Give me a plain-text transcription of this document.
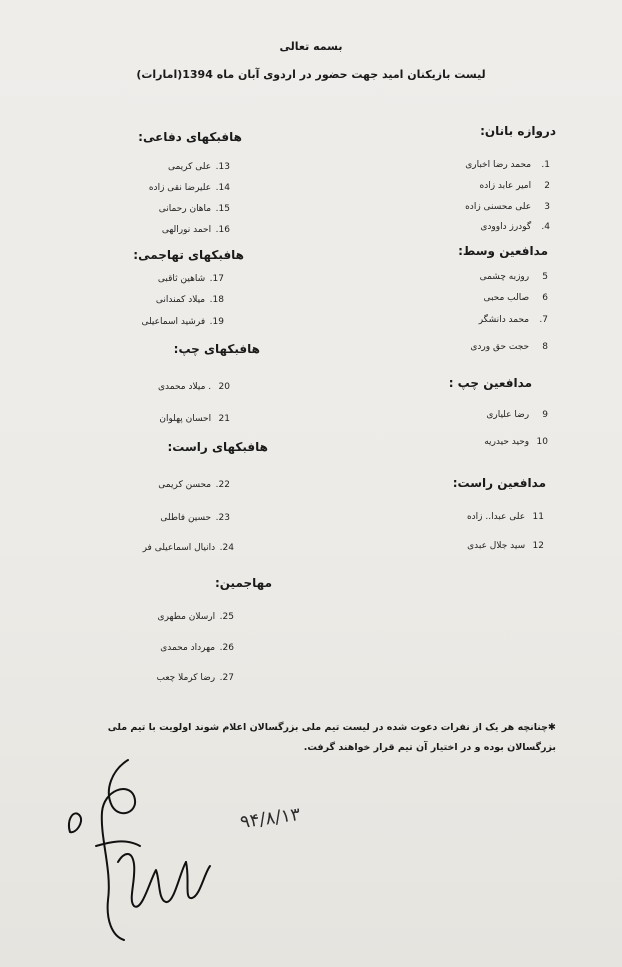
بسمه تعالی
لیست بازیکنان امید جهت حضور در اردوی آبان ماه 1394(امارات)
دروازه بانان:
1. محمد رضا اخباری
2 امیر عابد زاده
3 علی محسنی زاده
4. گودرز داوودی
مدافعین وسط:
5 روزبه چشمی
6 صالب محبی
7. محمد دانشگر
8 حجت حق وردی
مدافعین چپ :
9 رضا علیاری
10 وحید حیدریه
مدافعین راست:
11 علی عبدا.. زاده
12 سید جلال عبدی
هافبکهای دفاعی:
13. علی کریمی
14. علیرضا نقی زاده
15. ماهان رحمانی
16. احمد نورالهی
هافبکهای تهاجمی:
17. شاهین ثاقبی
18. میلاد کمندانی
19. فرشید اسماعیلی
هافبکهای چپ:
20 . میلاد محمدی
21 احسان پهلوان
هافبکهای راست:
22. محسن کریمی
23. حسین فاطلی
24. دانیال اسماعیلی فر
مهاجمین:
25. ارسلان مطهری
26. مهرداد محمدی
27. رضا کرملا چعب
✱چنانچه هر یک از نفرات دعوت شده در لیست تیم ملی بزرگسالان اعلام شوند اولویت با تیم ملی
بزرگسالان بوده و در اختیار آن تیم قرار خواهند گرفت.
۹۴/۸/۱۳
